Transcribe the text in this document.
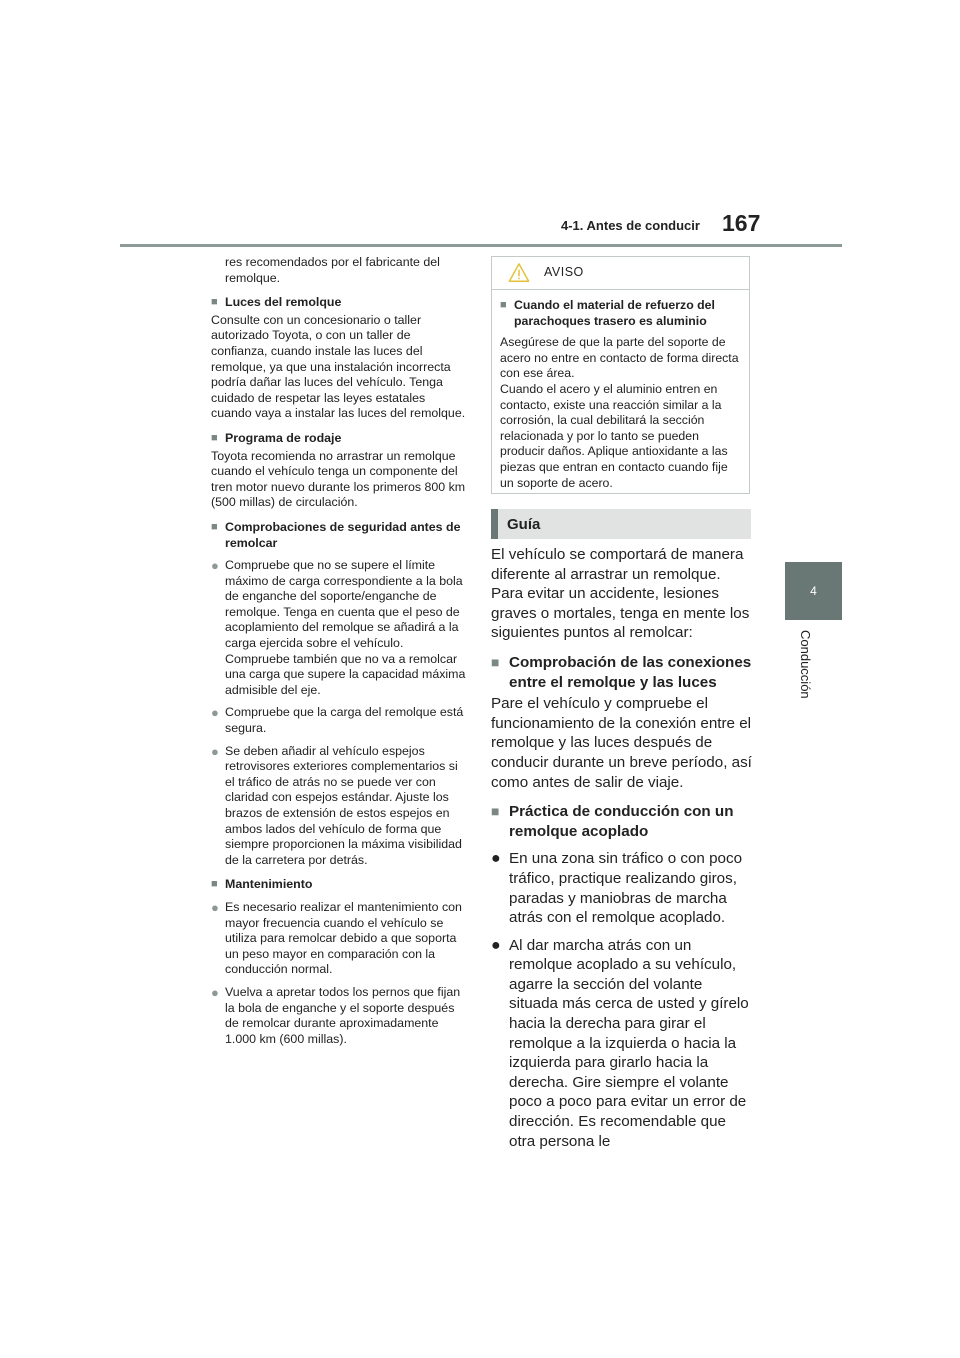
4-1. Antes de conducir 167
4
Conducción

res recomendados por el fabricante del remolque.

■ Luces del remolque

Consulte con un concesionario o taller autorizado Toyota, o con un taller de confianza, cuando instale las luces del remolque, ya que una instalación incorrecta podría dañar las luces del vehículo. Tenga cuidado de respetar las leyes estatales cuando vaya a instalar las luces del remolque.

■ Programa de rodaje

Toyota recomienda no arrastrar un remolque cuando el vehículo tenga un componente del tren motor nuevo durante los primeros 800 km (500 millas) de circulación.

■ Comprobaciones de seguridad antes de remolcar
● Compruebe que no se supere el límite máximo de carga correspondiente a la bola de enganche del soporte/enganche de remolque. Tenga en cuenta que el peso de acoplamiento del remolque se añadirá a la carga ejercida sobre el vehículo. Compruebe también que no va a remolcar una carga que supere la capacidad máxima admisible del eje.
● Compruebe que la carga del remolque está segura.
● Se deben añadir al vehículo espejos retrovisores exteriores complementarios si el tráfico de atrás no se puede ver con claridad con espejos estándar. Ajuste los brazos de extensión de estos espejos en ambos lados del vehículo de forma que siempre proporcionen la máxima visibilidad de la carretera por detrás.
■ Mantenimiento
● Es necesario realizar el mantenimiento con mayor frecuencia cuando el vehículo se utiliza para remolcar debido a que soporta un peso mayor en comparación con la conducción normal.
● Vuelva a apretar todos los pernos que fijan la bola de enganche y el soporte después de remolcar durante aproximadamente 1.000 km (600 millas).
AVISO
■ Cuando el material de refuerzo del parachoques trasero es aluminio

Asegúrese de que la parte del soporte de acero no entre en contacto de forma directa con ese área.

Cuando el acero y el aluminio entren en contacto, existe una reacción similar a la corrosión, la cual debilitará la sección relacionada y por lo tanto se pueden producir daños. Aplique antioxidante a las piezas que entran en contacto cuando fije un soporte de acero.

Guía

El vehículo se comportará de manera diferente al arrastrar un remolque. Para evitar un accidente, lesiones graves o mortales, tenga en mente los siguientes puntos al remolcar:

■ Comprobación de las conexiones entre el remolque y las luces

Pare el vehículo y compruebe el funcionamiento de la conexión entre el remolque y las luces después de conducir durante un breve período, así como antes de salir de viaje.

■ Práctica de conducción con un remolque acoplado
● En una zona sin tráfico o con poco tráfico, practique realizando giros, paradas y maniobras de marcha atrás con el remolque acoplado.
● Al dar marcha atrás con un remolque acoplado a su vehículo, agarre la sección del volante situada más cerca de usted y gírelo hacia la derecha para girar el remolque a la izquierda o hacia la izquierda para girarlo hacia la derecha. Gire siempre el volante poco a poco para evitar un error de dirección. Es recomendable que otra persona le
